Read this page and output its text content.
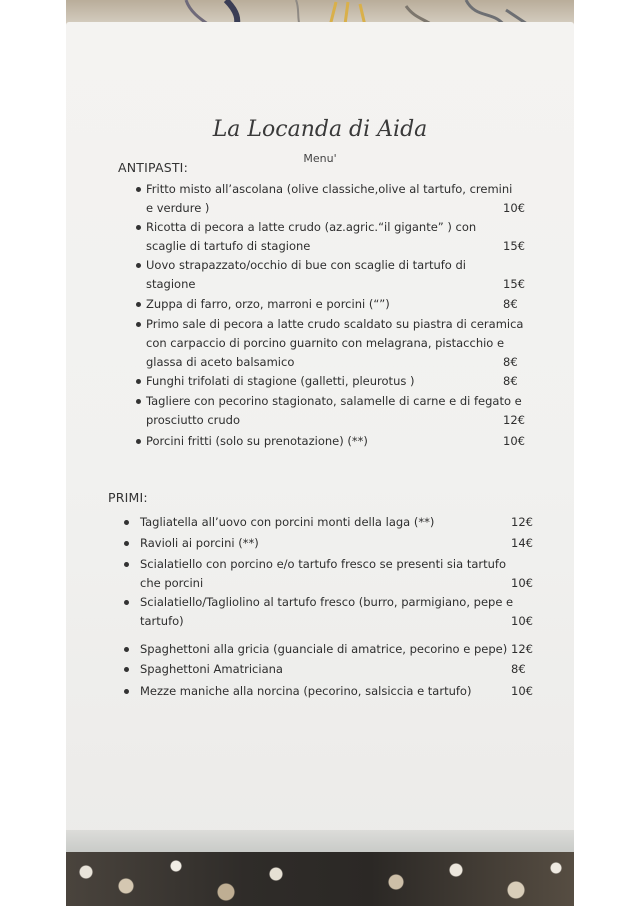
La Locanda di Aida
Menu'
ANTIPASTI:
Fritto misto all’ascolana (olive classiche,olive al tartufo, cremini
e verdure )	10€
Ricotta di pecora a latte crudo (az.agric.“il gigante” ) con
scaglie di tartufo di stagione	15€
Uovo strapazzato/occhio di bue con scaglie di tartufo di
stagione	15€
Zuppa di farro, orzo, marroni e porcini (“”)	8€
Primo sale di pecora a latte crudo scaldato su piastra di ceramica
con carpaccio di porcino guarnito con melagrana, pistacchio e
glassa di aceto balsamico	8€
Funghi trifolati di stagione (galletti, pleurotus )	8€
Tagliere con pecorino stagionato, salamelle di carne e di fegato e
prosciutto crudo	12€
Porcini fritti (solo su prenotazione) (**)	10€
PRIMI:
Tagliatella all’uovo con porcini monti della laga (**)	12€
Ravioli ai porcini (**)	14€
Scialatiello con porcino e/o tartufo fresco se presenti sia tartufo
che porcini	10€
Scialatiello/Tagliolino al tartufo fresco (burro, parmigiano, pepe e
tartufo)	10€
Spaghettoni alla gricia (guanciale di amatrice, pecorino e pepe) 12€
Spaghettoni Amatriciana	8€
Mezze maniche alla norcina (pecorino, salsiccia e tartufo)	10€
